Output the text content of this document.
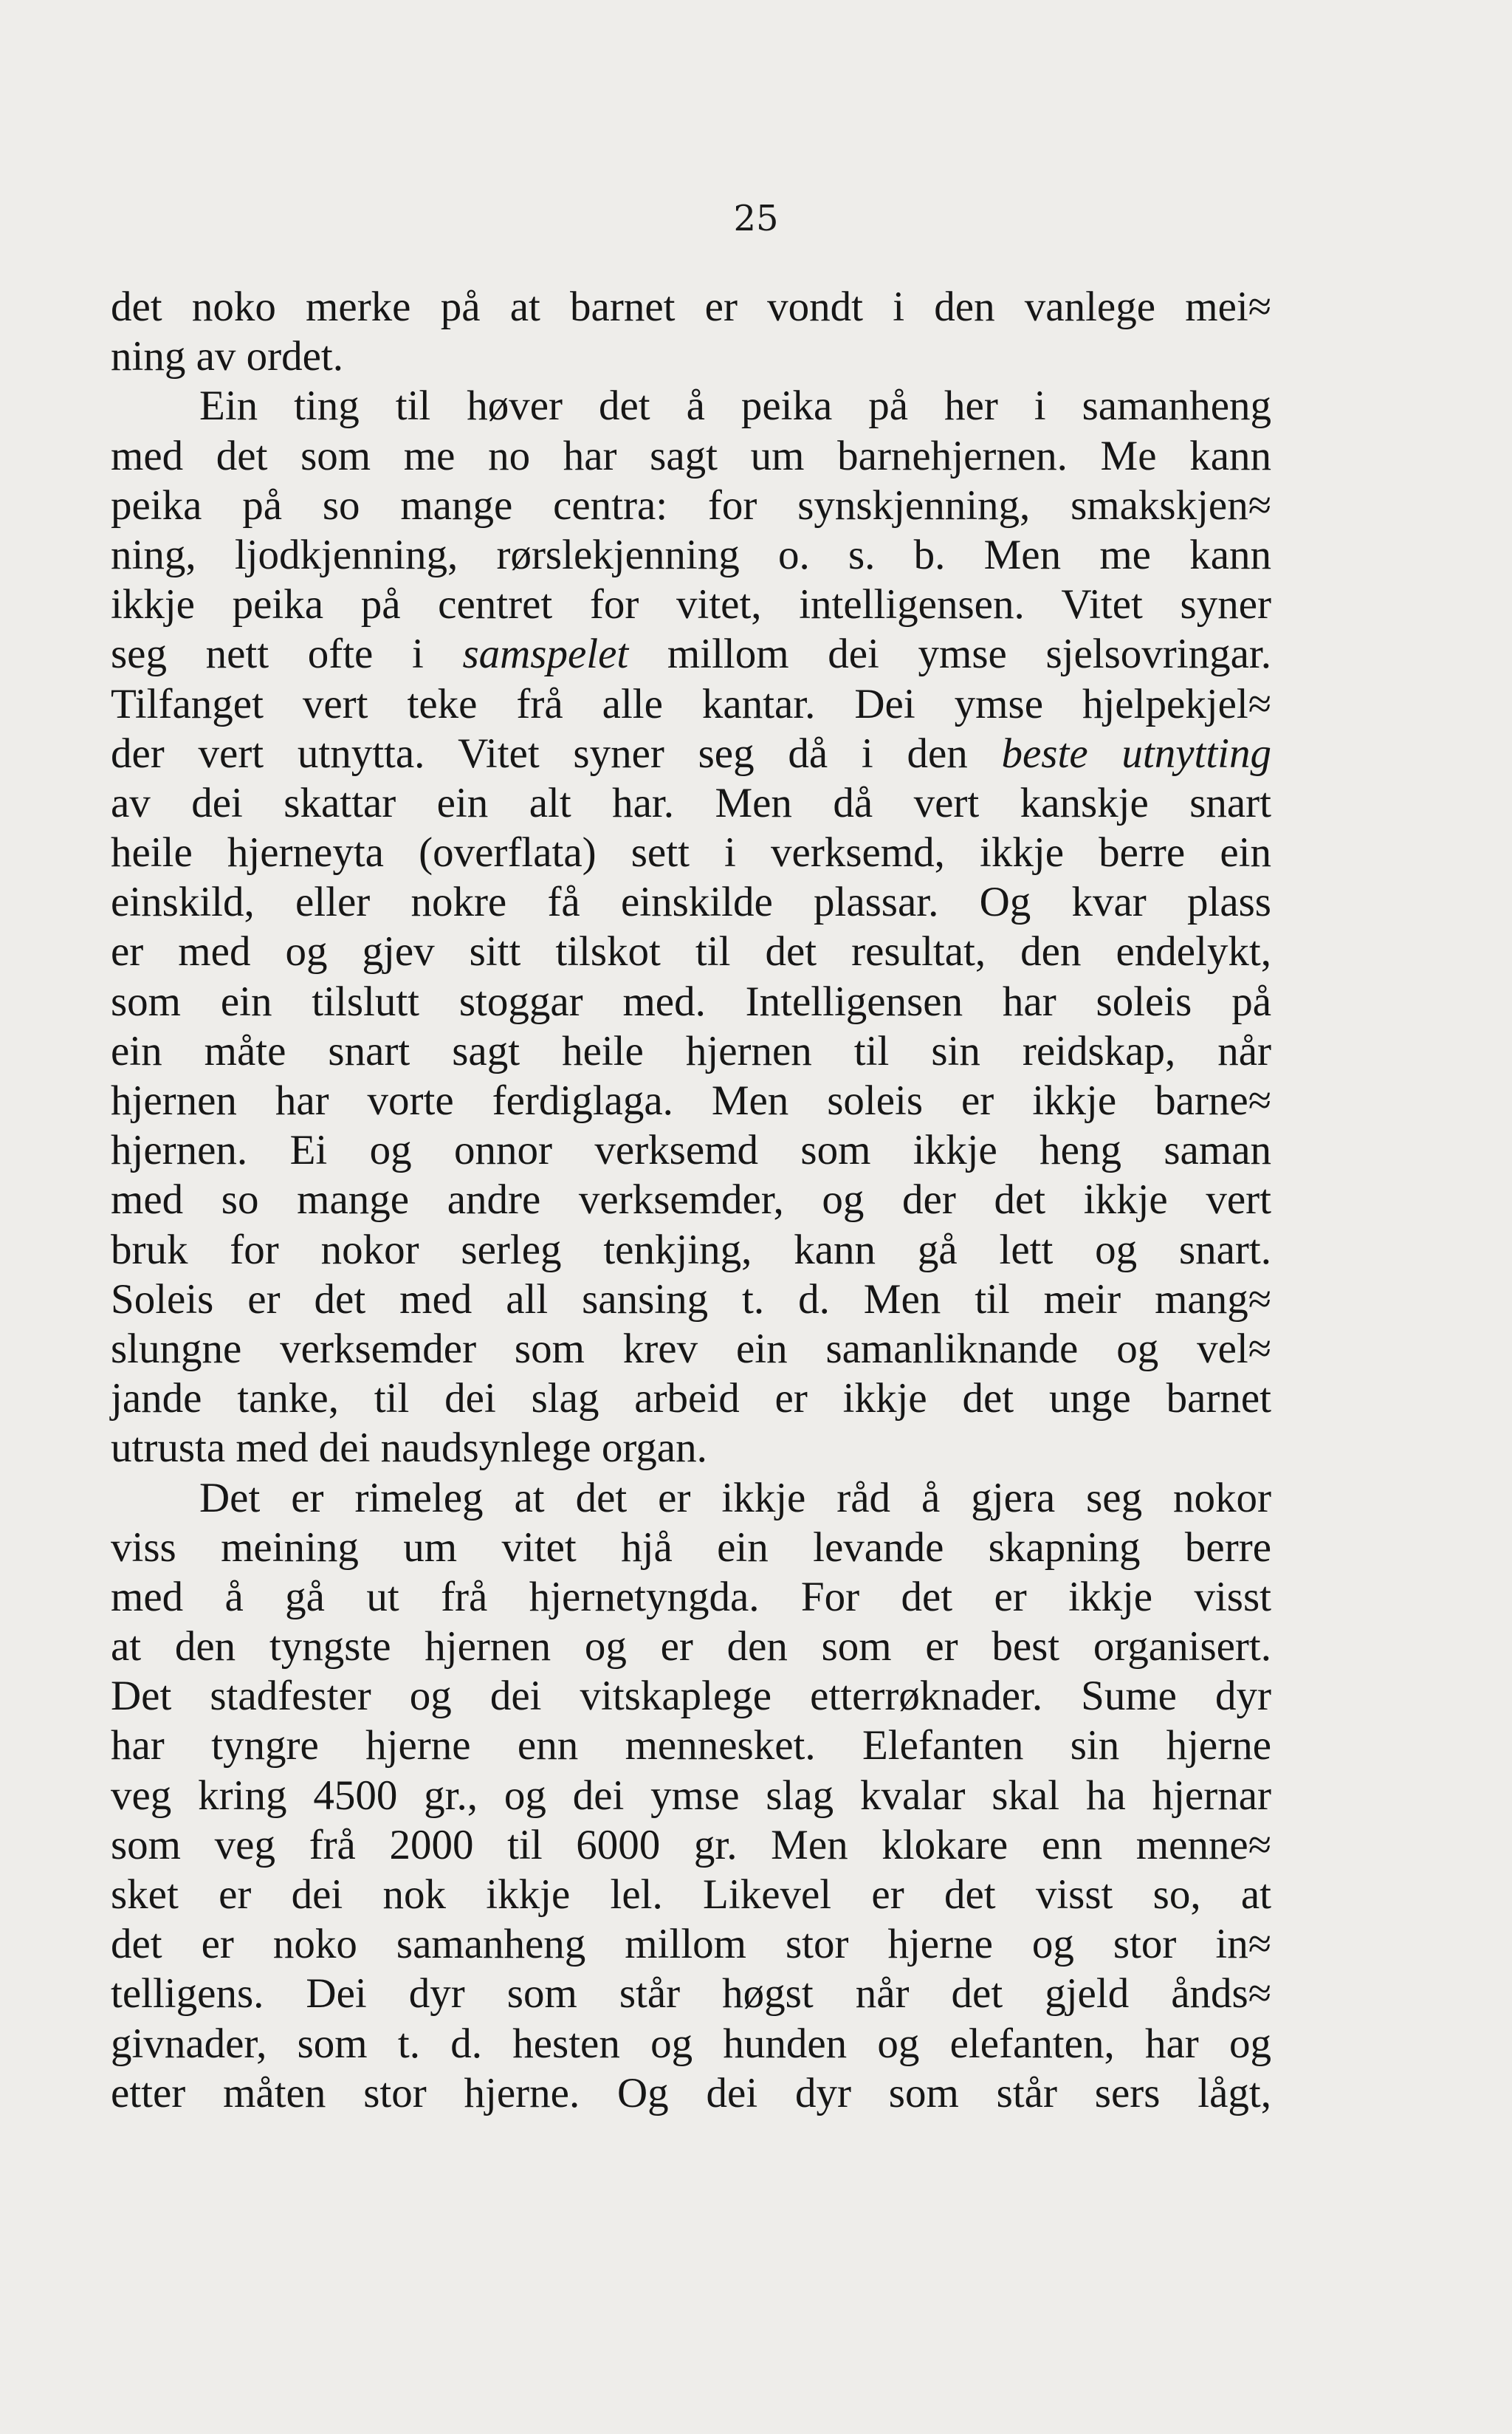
25
det noko merke på at barnet er vondt i den vanlege mei≈
ning av ordet.
Ein ting til høver det å peika på her i samanheng
med det som me no har sagt um barnehjernen. Me kann
peika på so mange centra: for synskjenning, smakskjen≈
ning, ljodkjenning, rørslekjenning o. s. b. Men me kann
ikkje peika på centret for vitet, intelligensen. Vitet syner
seg nett ofte i samspelet millom dei ymse sjelsovringar.
Tilfanget vert teke frå alle kantar. Dei ymse hjelpekjel≈
der vert utnytta. Vitet syner seg då i den beste utnytting
av dei skattar ein alt har. Men då vert kanskje snart
heile hjerneyta (overflata) sett i verksemd, ikkje berre ein
einskild, eller nokre få einskilde plassar. Og kvar plass
er med og gjev sitt tilskot til det resultat, den endelykt,
som ein tilslutt stoggar med. Intelligensen har soleis på
ein måte snart sagt heile hjernen til sin reidskap, når
hjernen har vorte ferdiglaga. Men soleis er ikkje barne≈
hjernen. Ei og onnor verksemd som ikkje heng saman
med so mange andre verksemder, og der det ikkje vert
bruk for nokor serleg tenkjing, kann gå lett og snart.
Soleis er det med all sansing t. d. Men til meir mang≈
slungne verksemder som krev ein samanliknande og vel≈
jande tanke, til dei slag arbeid er ikkje det unge barnet
utrusta med dei naudsynlege organ.
Det er rimeleg at det er ikkje råd å gjera seg nokor
viss meining um vitet hjå ein levande skapning berre
med å gå ut frå hjernetyngda. For det er ikkje visst
at den tyngste hjernen og er den som er best organisert.
Det stadfester og dei vitskaplege etterrøknader. Sume dyr
har tyngre hjerne enn mennesket. Elefanten sin hjerne
veg kring 4500 gr., og dei ymse slag kvalar skal ha hjernar
som veg frå 2000 til 6000 gr. Men klokare enn menne≈
sket er dei nok ikkje lel. Likevel er det visst so, at
det er noko samanheng millom stor hjerne og stor in≈
telligens. Dei dyr som står høgst når det gjeld ånds≈
givnader, som t. d. hesten og hunden og elefanten, har og
etter måten stor hjerne. Og dei dyr som står sers lågt,
